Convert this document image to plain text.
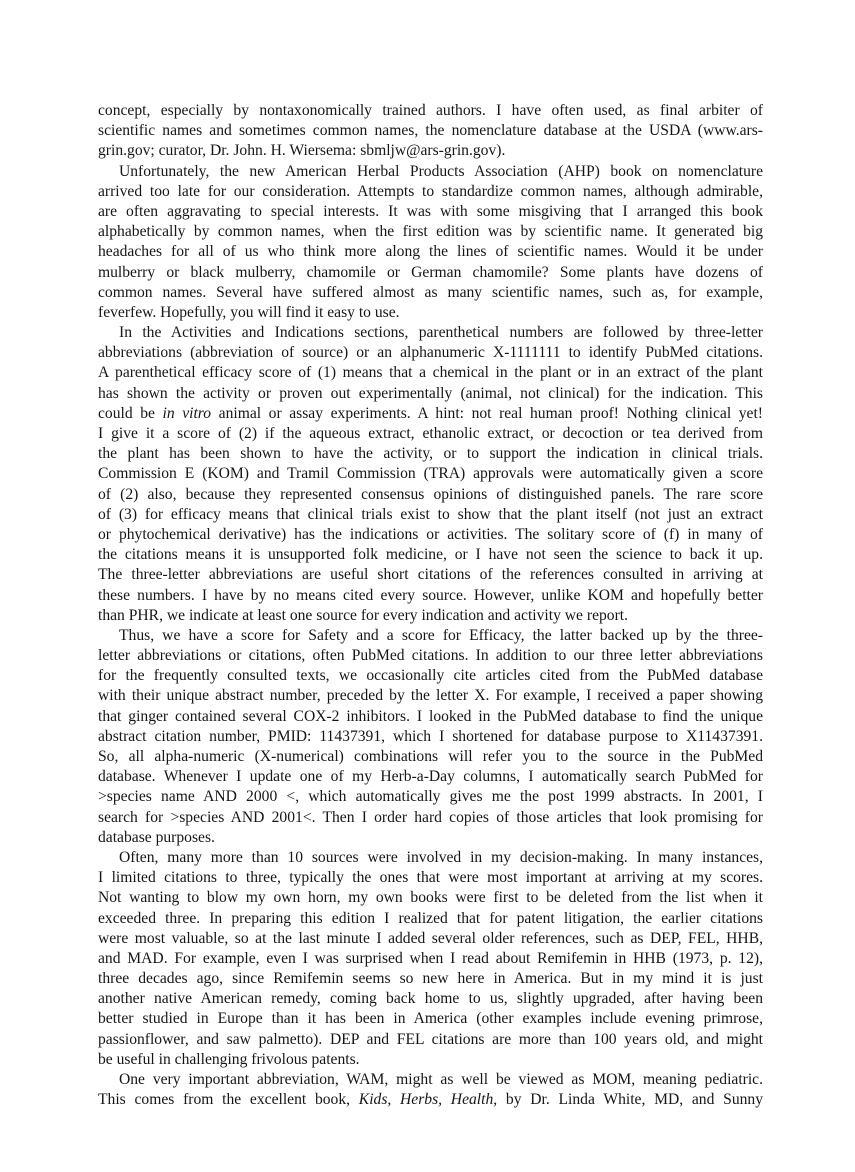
concept, especially by nontaxonomically trained authors. I have often used, as final arbiter of
scientific names and sometimes common names, the nomenclature database at the USDA (www.ars-
grin.gov; curator, Dr. John. H. Wiersema: sbmljw@ars-grin.gov).
Unfortunately, the new American Herbal Products Association (AHP) book on nomenclature
arrived too late for our consideration. Attempts to standardize common names, although admirable,
are often aggravating to special interests. It was with some misgiving that I arranged this book
alphabetically by common names, when the first edition was by scientific name. It generated big
headaches for all of us who think more along the lines of scientific names. Would it be under
mulberry or black mulberry, chamomile or German chamomile? Some plants have dozens of
common names. Several have suffered almost as many scientific names, such as, for example,
feverfew. Hopefully, you will find it easy to use.
In the Activities and Indications sections, parenthetical numbers are followed by three-letter
abbreviations (abbreviation of source) or an alphanumeric X-1111111 to identify PubMed citations.
A parenthetical efficacy score of (1) means that a chemical in the plant or in an extract of the plant
has shown the activity or proven out experimentally (animal, not clinical) for the indication. This
could be in vitro animal or assay experiments. A hint: not real human proof! Nothing clinical yet!
I give it a score of (2) if the aqueous extract, ethanolic extract, or decoction or tea derived from
the plant has been shown to have the activity, or to support the indication in clinical trials.
Commission E (KOM) and Tramil Commission (TRA) approvals were automatically given a score
of (2) also, because they represented consensus opinions of distinguished panels. The rare score
of (3) for efficacy means that clinical trials exist to show that the plant itself (not just an extract
or phytochemical derivative) has the indications or activities. The solitary score of (f) in many of
the citations means it is unsupported folk medicine, or I have not seen the science to back it up.
The three-letter abbreviations are useful short citations of the references consulted in arriving at
these numbers. I have by no means cited every source. However, unlike KOM and hopefully better
than PHR, we indicate at least one source for every indication and activity we report.
Thus, we have a score for Safety and a score for Efficacy, the latter backed up by the three-
letter abbreviations or citations, often PubMed citations. In addition to our three letter abbreviations
for the frequently consulted texts, we occasionally cite articles cited from the PubMed database
with their unique abstract number, preceded by the letter X. For example, I received a paper showing
that ginger contained several COX-2 inhibitors. I looked in the PubMed database to find the unique
abstract citation number, PMID: 11437391, which I shortened for database purpose to X11437391.
So, all alpha-numeric (X-numerical) combinations will refer you to the source in the PubMed
database. Whenever I update one of my Herb-a-Day columns, I automatically search PubMed for
>species name AND 2000 <, which automatically gives me the post 1999 abstracts. In 2001, I
search for >species AND 2001<. Then I order hard copies of those articles that look promising for
database purposes.
Often, many more than 10 sources were involved in my decision-making. In many instances,
I limited citations to three, typically the ones that were most important at arriving at my scores.
Not wanting to blow my own horn, my own books were first to be deleted from the list when it
exceeded three. In preparing this edition I realized that for patent litigation, the earlier citations
were most valuable, so at the last minute I added several older references, such as DEP, FEL, HHB,
and MAD. For example, even I was surprised when I read about Remifemin in HHB (1973, p. 12),
three decades ago, since Remifemin seems so new here in America. But in my mind it is just
another native American remedy, coming back home to us, slightly upgraded, after having been
better studied in Europe than it has been in America (other examples include evening primrose,
passionflower, and saw palmetto). DEP and FEL citations are more than 100 years old, and might
be useful in challenging frivolous patents.
One very important abbreviation, WAM, might as well be viewed as MOM, meaning pediatric.
This comes from the excellent book, Kids, Herbs, Health, by Dr. Linda White, MD, and Sunny
